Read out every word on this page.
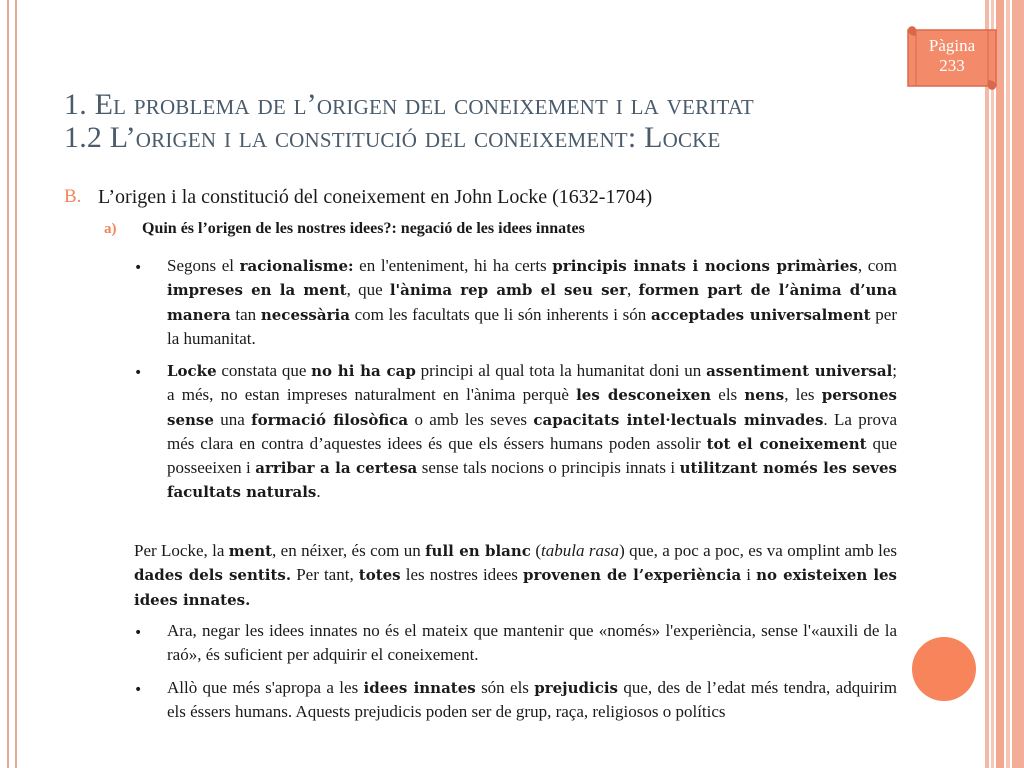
Pàgina
233
1. El problema de l’origen del coneixement i la veritat
1.2 L’origen i la constitució del coneixement: Locke
B. L’origen i la constitució del coneixement en John Locke (1632-1704)
a) Quin és l’origen de les nostres idees?: negació de les idees innates
• Segons el racionalisme: en l'enteniment, hi ha certs principis innats i nocions primàries, com impreses en la ment, que l'ànima rep amb el seu ser, formen part de l’ànima d’una manera tan necessària com les facultats que li són inherents i són acceptades universalment per la humanitat.

• Locke constata que no hi ha cap principi al qual tota la humanitat doni un assentiment universal; a més, no estan impreses naturalment en l'ànima perquè les desconeixen els nens, les persones sense una formació filosòfica o amb les seves capacitats intel·lectuals minvades. La prova més clara en contra d’aquestes idees és que els éssers humans poden assolir tot el coneixement que posseeixen i arribar a la certesa sense tals nocions o principis innats i utilitzant només les seves facultats naturals.

Per Locke, la ment, en néixer, és com un full en blanc (tabula rasa) que, a poc a poc, es va omplint amb les dades dels sentits. Per tant, totes les nostres idees provenen de l’experiència i no existeixen les idees innates.

• Ara, negar les idees innates no és el mateix que mantenir que «només» l'experiència, sense l'«auxili de la raó», és suficient per adquirir el coneixement.

• Allò que més s'apropa a les idees innates són els prejudicis que, des de l’edat més tendra, adquirim els éssers humans. Aquests prejudicis poden ser de grup, raça, religiosos o polítics
